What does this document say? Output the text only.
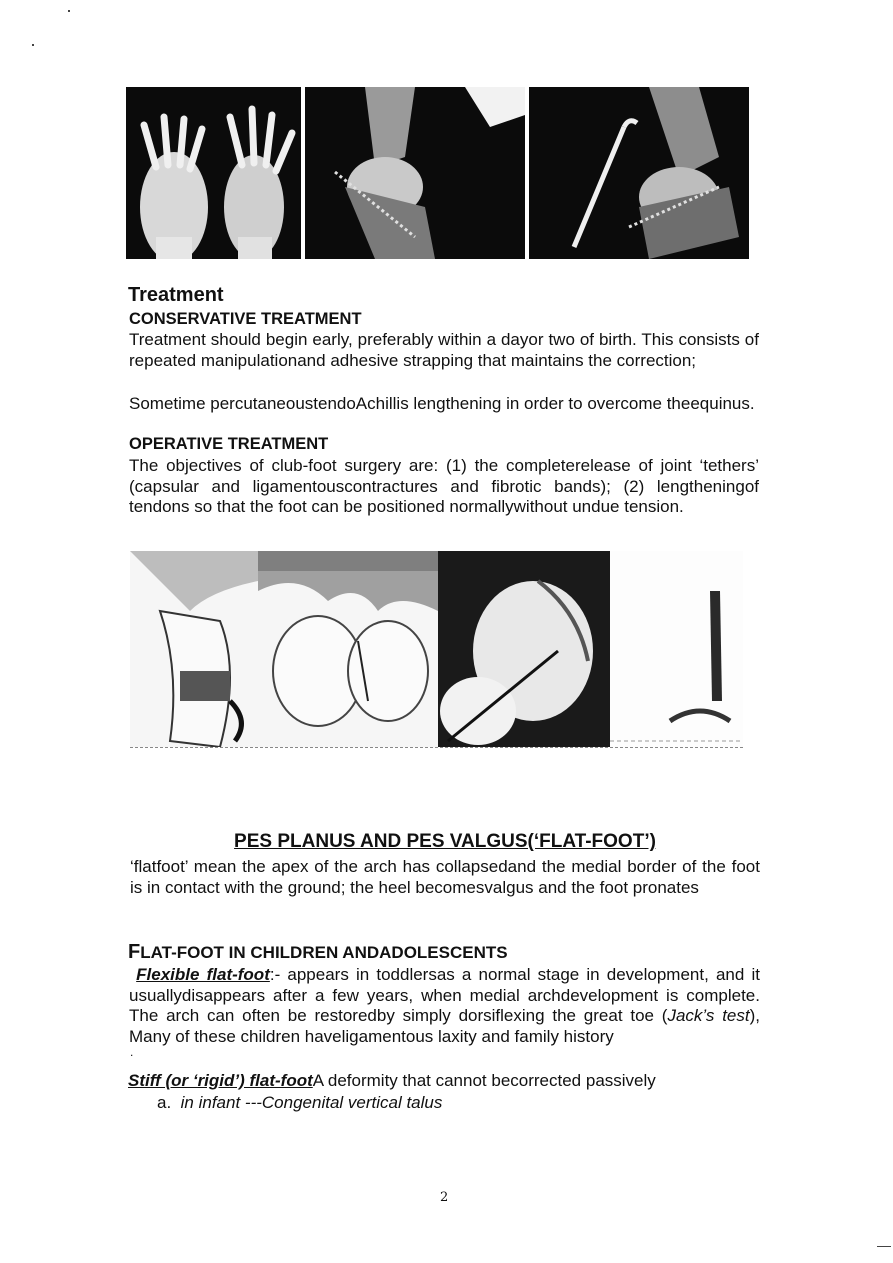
Treatment
CONSERVATIVE TREATMENT
Treatment should begin early, preferably within a dayor two of birth. This consists of repeated manipulationand adhesive strapping that maintains the correction;
Sometime percutaneoustendoAchillis lengthening in order to overcome theequinus.
OPERATIVE TREATMENT
The objectives of club-foot surgery are: (1) the completerelease of joint ‘tethers’ (capsular and ligamentouscontractures and fibrotic bands); (2) lengtheningof tendons so that the foot can be positioned normallywithout undue tension.
PES PLANUS AND PES VALGUS(‘FLAT-FOOT’)
‘flatfoot’ mean the apex of the arch has collapsedand the medial border of the foot is in contact with the ground; the heel becomesvalgus and the foot pronates
FLAT-FOOT IN CHILDREN ANDADOLESCENTS
Flexible flat-foot:- appears in toddlersas a normal stage in development, and it usuallydisappears after a few years, when medial archdevelopment is complete. The arch can often be restoredby simply dorsiflexing the great toe (Jack’s test), Many of these children haveligamentous laxity and family history
.
Stiff (or ‘rigid’) flat-footA deformity that cannot becorrected passively
a. in infant ---Congenital vertical talus
2
